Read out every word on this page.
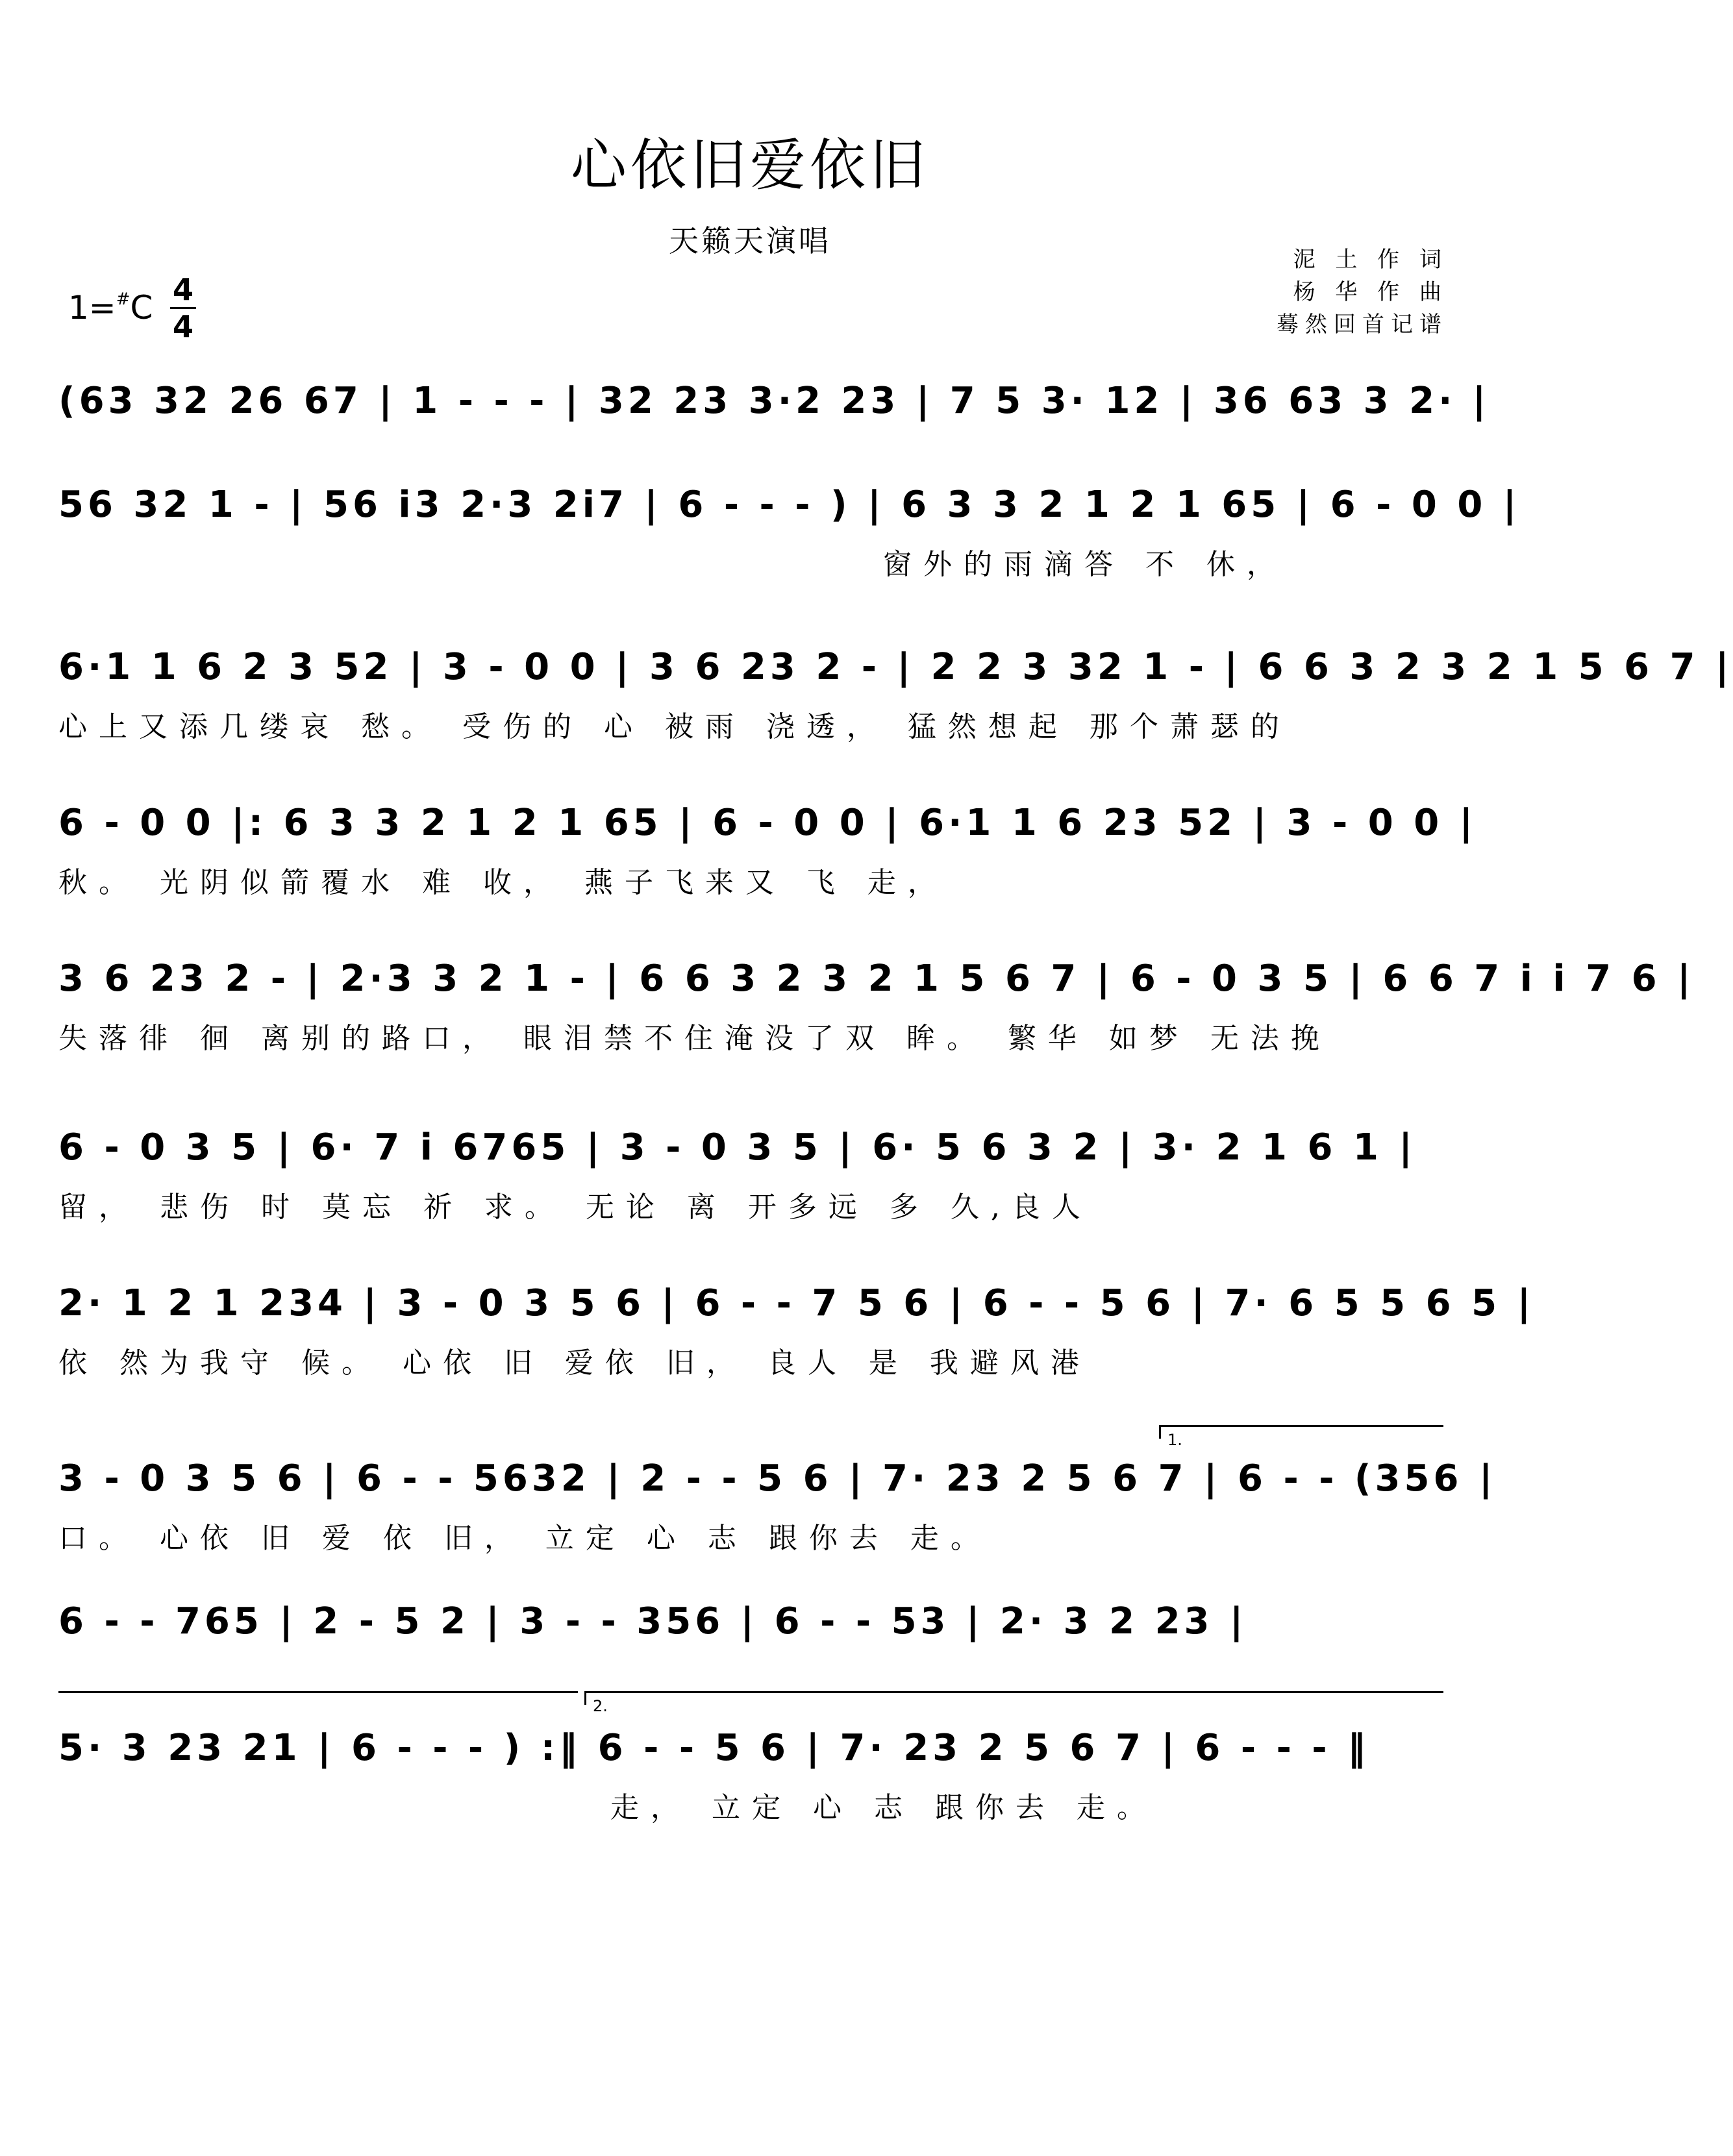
心依旧爱依旧
天籁天演唱
泥 土 作 词
杨 华 作 曲
蓦然回首记谱
1=#C 4
4
(63 32 26 67 | 1 - - - | 32 23 3·2 23 | 7 5 3· 12 | 36 63 3 2· |
56 32 1 - | 56 i3 2·3 2i7 | 6 - - - ) | 6 3 3 2 1 2 1 65 | 6 - 0 0 |
窗外的雨滴答 不 休，
6·1 1 6 2 3 52 | 3 - 0 0 | 3 6 23 2 - | 2 2 3 32 1 - | 6 6 3 2 3 2 1 5 6 7 |
心上又添几缕哀 愁。 受伤的 心 被雨 浇透， 猛然想起 那个萧瑟的
6 - 0 0 |: 6 3 3 2 1 2 1 65 | 6 - 0 0 | 6·1 1 6 23 52 | 3 - 0 0 |
秋。 光阴似箭覆水 难 收， 燕子飞来又 飞 走，
3 6 23 2 - | 2·3 3 2 1 - | 6 6 3 2 3 2 1 5 6 7 | 6 - 0 3 5 | 6 6 7 i i 7 6 |
失落徘 徊 离别的路口， 眼泪禁不住淹没了双 眸。 繁华 如梦 无法挽
6 - 0 3 5 | 6· 7 i 6765 | 3 - 0 3 5 | 6· 5 6 3 2 | 3· 2 1 6 1 |
留， 悲伤 时 莫忘 祈 求。 无论 离 开多远 多 久,良人
2· 1 2 1 234 | 3 - 0 3 5 6 | 6 - - 7 5 6 | 6 - - 5 6 | 7· 6 5 5 6 5 |
依 然为我守 候。 心依 旧 爱依 旧， 良人 是 我避风港
1.
3 - 0 3 5 6 | 6 - - 5632 | 2 - - 5 6 | 7· 23 2 5 6 7 | 6 - - (356 |
口。 心依 旧 爱 依 旧， 立定 心 志 跟你去 走。
6 - - 765 | 2 - 5 2 | 3 - - 356 | 6 - - 53 | 2· 3 2 23 |
2.
5· 3 23 21 | 6 - - - ) :‖ 6 - - 5 6 | 7· 23 2 5 6 7 | 6 - - - ‖
走， 立定 心 志 跟你去 走。
